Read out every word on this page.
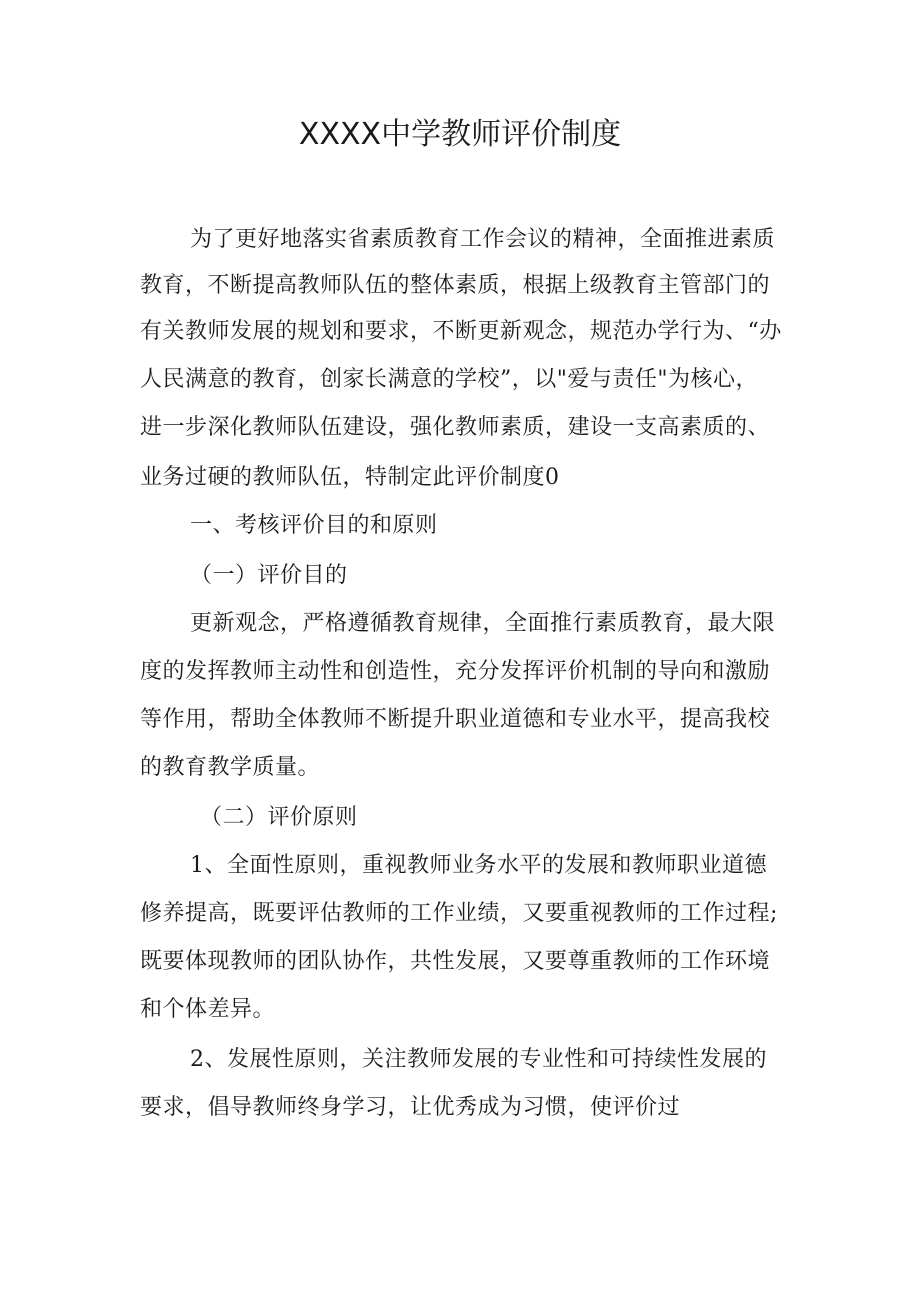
XXXX中学教师评价制度

为了更好地落实省素质教育工作会议的精神，全面推进素质

教育，不断提高教师队伍的整体素质，根据上级教育主管部门的

有关教师发展的规划和要求，不断更新观念，规范办学行为、“办

人民满意的教育，创家长满意的学校”，以"爱与责任"为核心，

进一步深化教师队伍建设，强化教师素质，建设一支高素质的、

业务过硬的教师队伍，特制定此评价制度0

一、考核评价目的和原则

（一）评价目的

更新观念，严格遵循教育规律，全面推行素质教育，最大限

度的发挥教师主动性和创造性，充分发挥评价机制的导向和激励

等作用，帮助全体教师不断提升职业道德和专业水平，提高我校

的教育教学质量。

（二）评价原则

1、全面性原则，重视教师业务水平的发展和教师职业道德

修养提高，既要评估教师的工作业绩，又要重视教师的工作过程;

既要体现教师的团队协作，共性发展，又要尊重教师的工作环境

和个体差异。

2、发展性原则，关注教师发展的专业性和可持续性发展的

要求，倡导教师终身学习，让优秀成为习惯，使评价过
